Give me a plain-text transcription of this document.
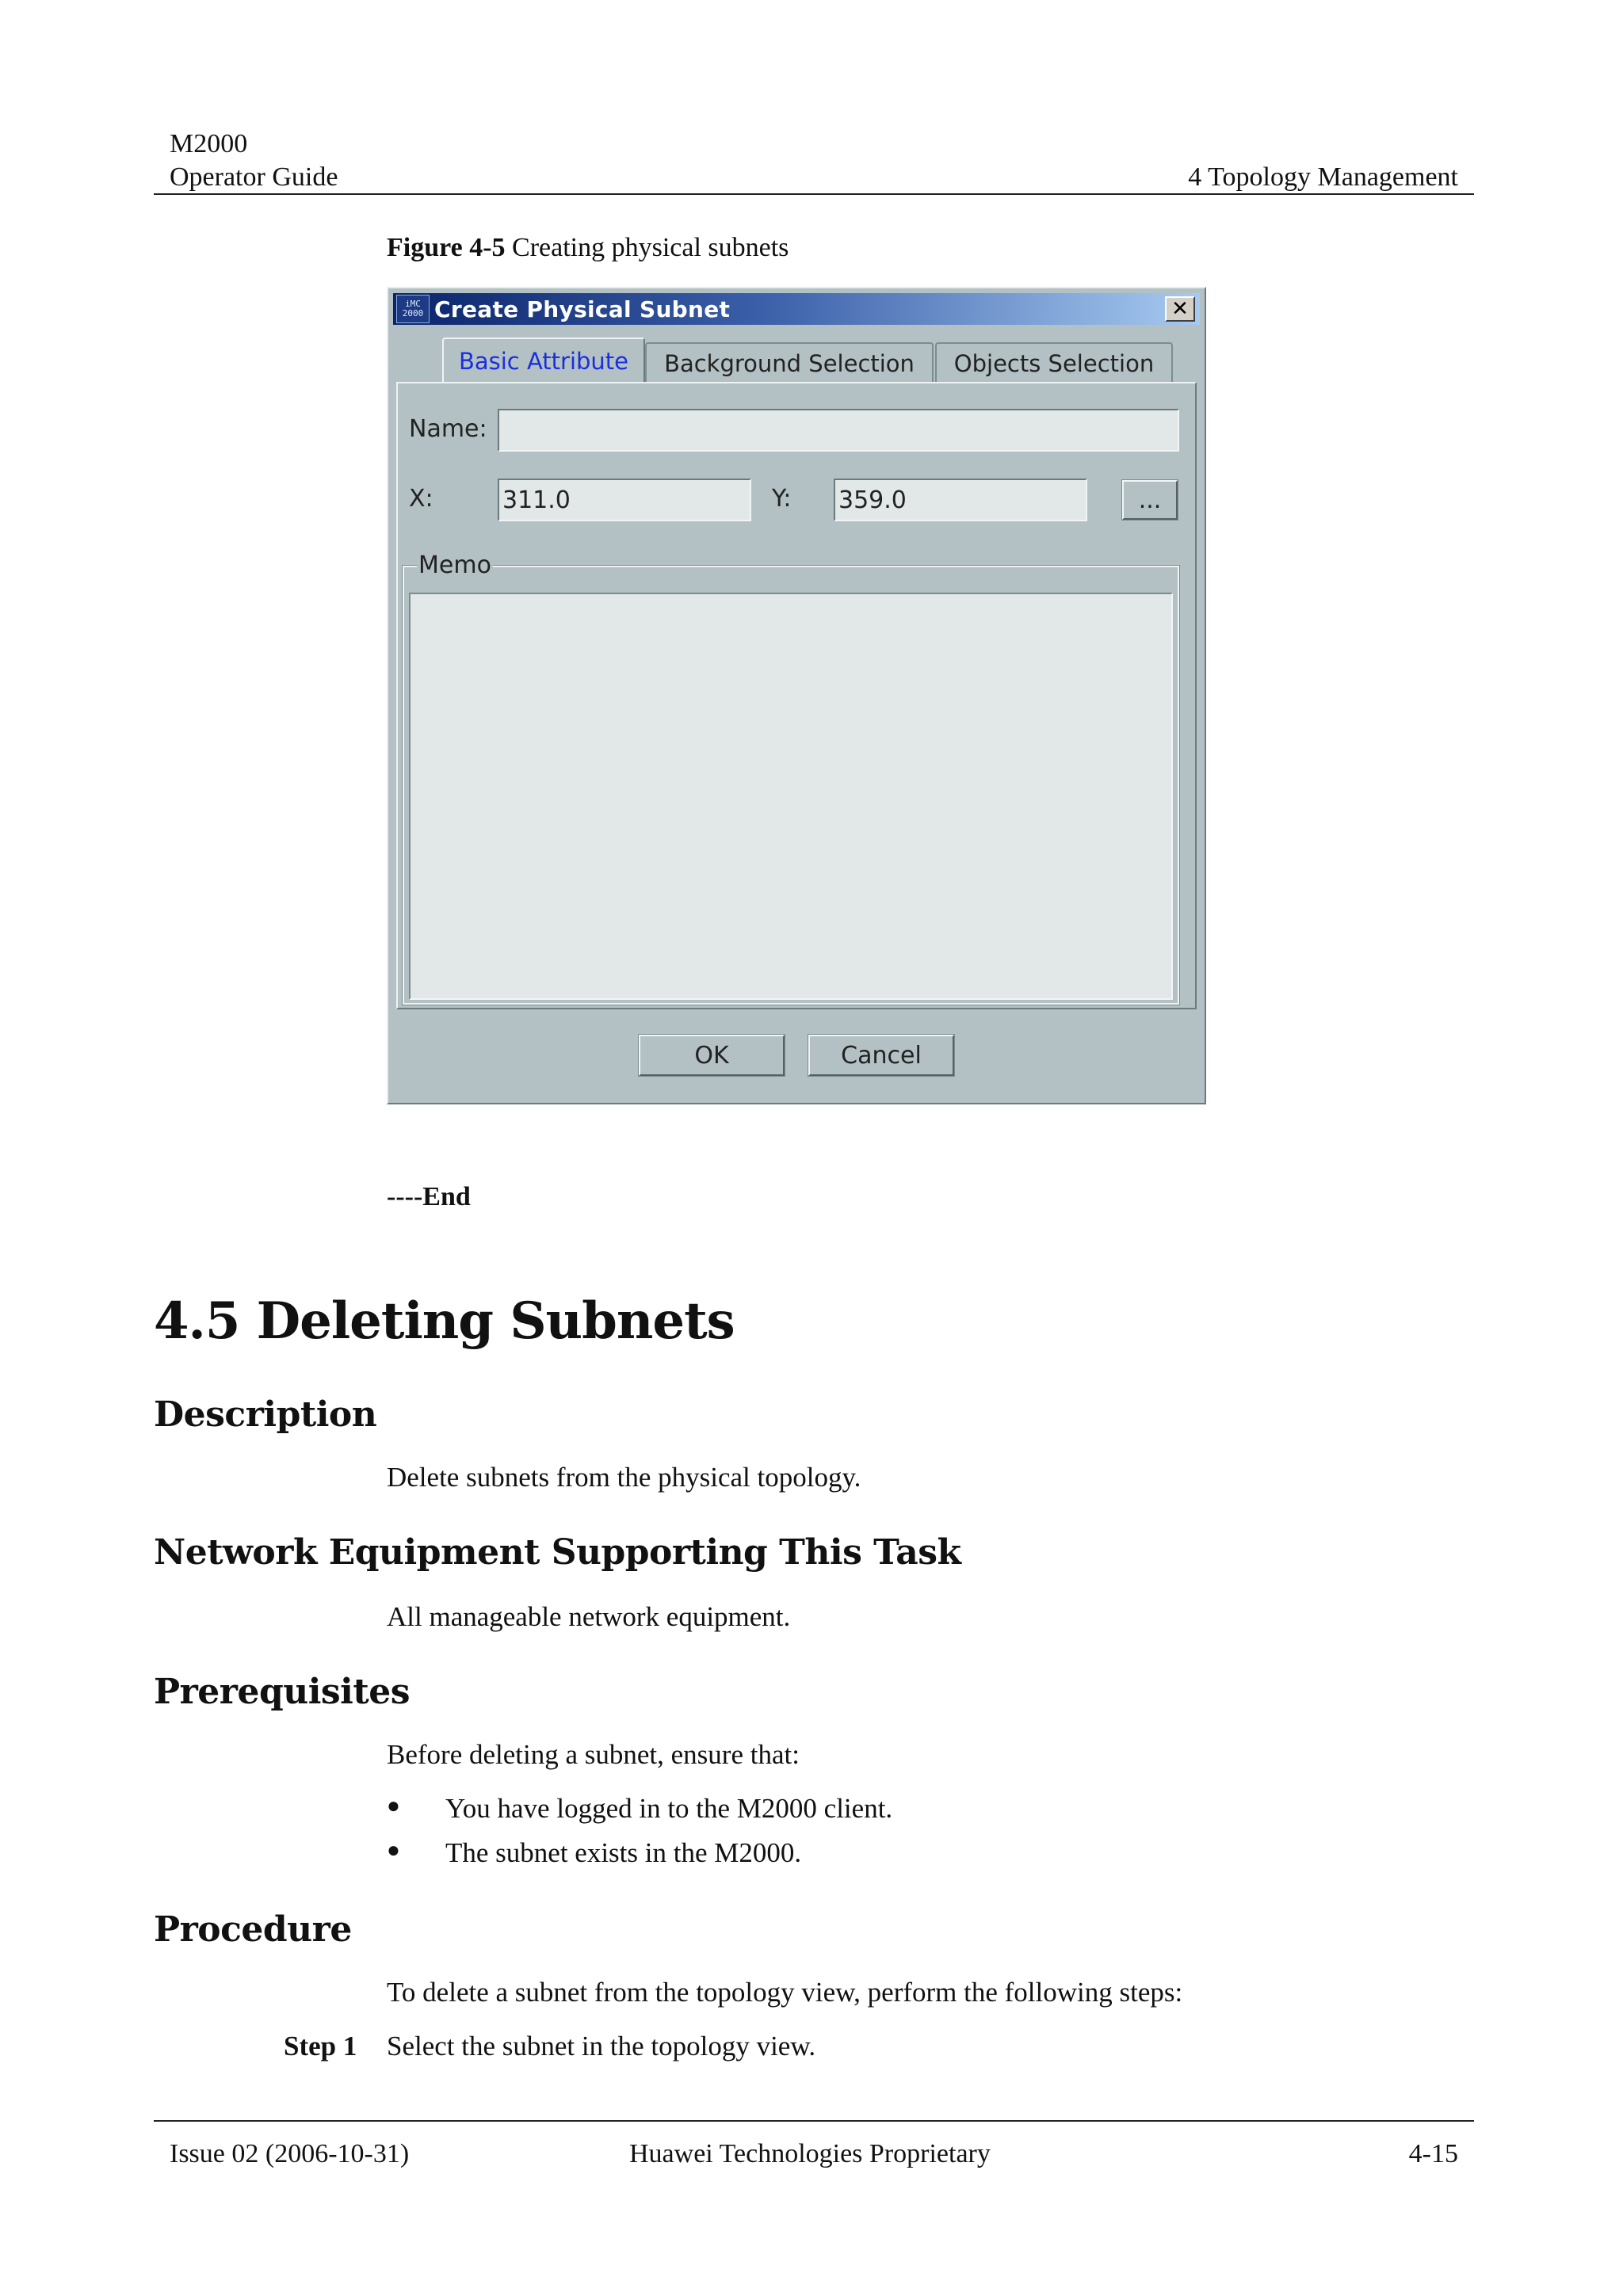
M2000
Operator Guide	4 Topology Management
Figure 4-5 Creating physical subnets
iMC
2000 Create Physical Subnet	✕
Basic Attribute	Background Selection	Objects Selection
Name:
X:	311.0	Y: 359.0	...
Memo
OK	Cancel
----End
4.5 Deleting Subnets
Description
Delete subnets from the physical topology.
Network Equipment Supporting This Task
All manageable network equipment.
Prerequisites
Before deleting a subnet, ensure that:
● You have logged in to the M2000 client.
● The subnet exists in the M2000.
Procedure
To delete a subnet from the topology view, perform the following steps:
Step 1 Select the subnet in the topology view.
Issue 02 (2006-10-31)	Huawei Technologies Proprietary	4-15
